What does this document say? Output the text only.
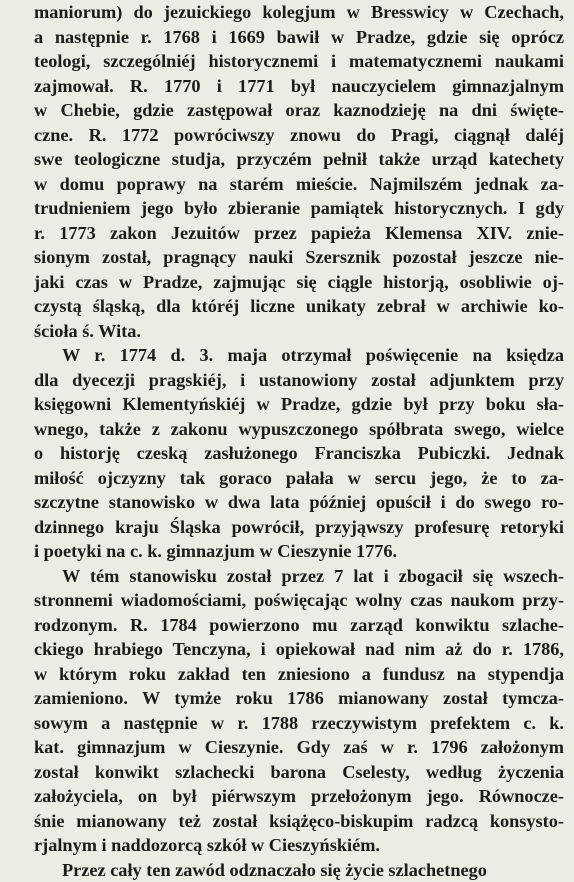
maniorum) do jezuickiego kolegjum w Bresswicy w Czechach,
a następnie r. 1768 i 1669 bawił w Pradze, gdzie się oprócz
teologi, szczególniéj historycznemi i matematycznemi naukami
zajmował. R. 1770 i 1771 był nauczycielem gimnazjalnym
w Chebie, gdzie zastępował oraz kaznodzieję na dni święte-
czne. R. 1772 powróciwszy znowu do Pragi, ciągnął daléj
swe teologiczne studja, przyczém pełnił także urząd katechety
w domu poprawy na starém mieście. Najmilszém jednak za-
trudnieniem jego było zbieranie pamiątek historycznych. I gdy
r. 1773 zakon Jezuitów przez papieża Klemensa XIV. znie-
sionym został, pragnący nauki Szersznik pozostał jeszcze nie-
jaki czas w Pradze, zajmując się ciągle historją, osobliwie oj-
czystą śląską, dla któréj liczne unikaty zebrał w archiwie ko-
ścioła ś. Wita.
W r. 1774 d. 3. maja otrzymał poświęcenie na księdza
dla dyecezji pragskiéj, i ustanowiony został adjunktem przy
księgowni Klementyńskiéj w Pradze, gdzie był przy boku sła-
wnego, także z zakonu wypuszczonego spółbrata swego, wielce
o historję czeską zasłużonego Franciszka Pubiczki. Jednak
miłość ojczyzny tak goraco pałała w sercu jego, że to za-
szczytne stanowisko w dwa lata później opuścił i do swego ro-
dzinnego kraju Śląska powrócił, przyjąwszy profesurę retoryki
i poetyki na c. k. gimnazjum w Cieszynie 1776.
W tém stanowisku został przez 7 lat i zbogacił się wszech-
stronnemi wiadomościami, poświęcając wolny czas naukom przy-
rodzonym. R. 1784 powierzono mu zarząd konwiktu szlache-
ckiego hrabiego Tenczyna, i opiekował nad nim aż do r. 1786,
w którym roku zakład ten zniesiono a fundusz na stypendja
zamieniono. W tymże roku 1786 mianowany został tymcza-
sowym a następnie w r. 1788 rzeczywistym prefektem c. k.
kat. gimnazjum w Cieszynie. Gdy zaś w r. 1796 założonym
został konwikt szlachecki barona Cselesty, według życzenia
założyciela, on był piérwszym przełożonym jego. Równocze-
śnie mianowany też został książęco-biskupim radzcą konsysto-
rjalnym i naddozorcą szkół w Cieszyńskiém.
Przez cały ten zawód odznaczało się życie szlachetnego
